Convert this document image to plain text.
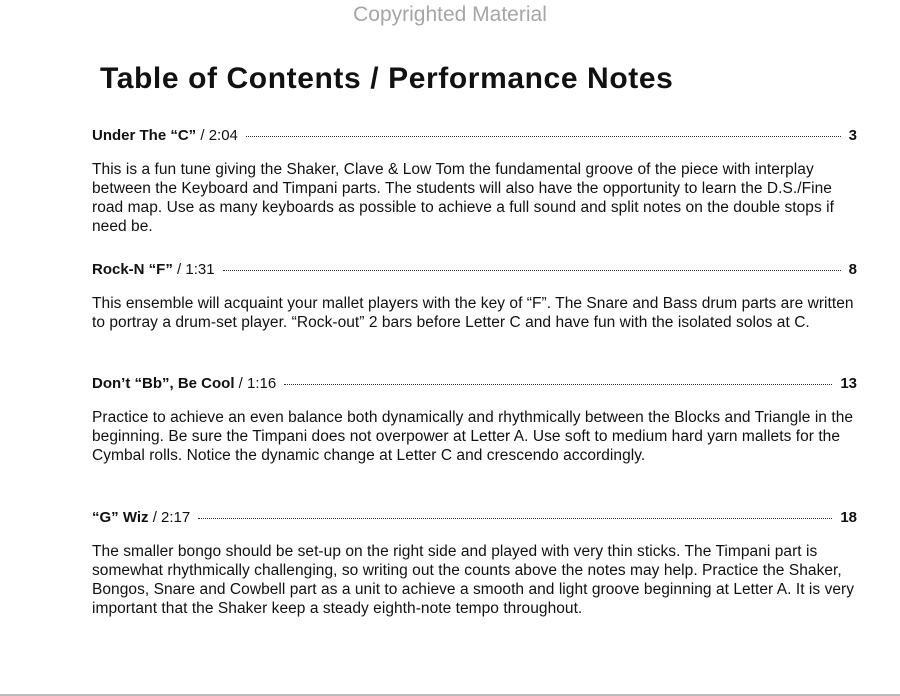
Copyrighted Material
Table of Contents / Performance Notes
Under The “C” / 2:04	3
This is a fun tune giving the Shaker, Clave & Low Tom the fundamental groove of the piece with interplay between the Keyboard and Timpani parts. The students will also have the opportunity to learn the D.S./Fine road map. Use as many keyboards as possible to achieve a full sound and split notes on the double stops if need be.
Rock-N “F” / 1:31	8
This ensemble will acquaint your mallet players with the key of “F”. The Snare and Bass drum parts are written to portray a drum-set player. “Rock-out” 2 bars before Letter C and have fun with the isolated solos at C.
Don’t “Bb”, Be Cool / 1:16	13
Practice to achieve an even balance both dynamically and rhythmically between the Blocks and Triangle in the beginning. Be sure the Timpani does not overpower at Letter A. Use soft to medium hard yarn mallets for the Cymbal rolls. Notice the dynamic change at Letter C and crescendo accordingly.
“G” Wiz / 2:17	18
The smaller bongo should be set-up on the right side and played with very thin sticks. The Timpani part is somewhat rhythmically challenging, so writing out the counts above the notes may help. Practice the Shaker, Bongos, Snare and Cowbell part as a unit to achieve a smooth and light groove beginning at Letter A. It is very important that the Shaker keep a steady eighth-note tempo throughout.
